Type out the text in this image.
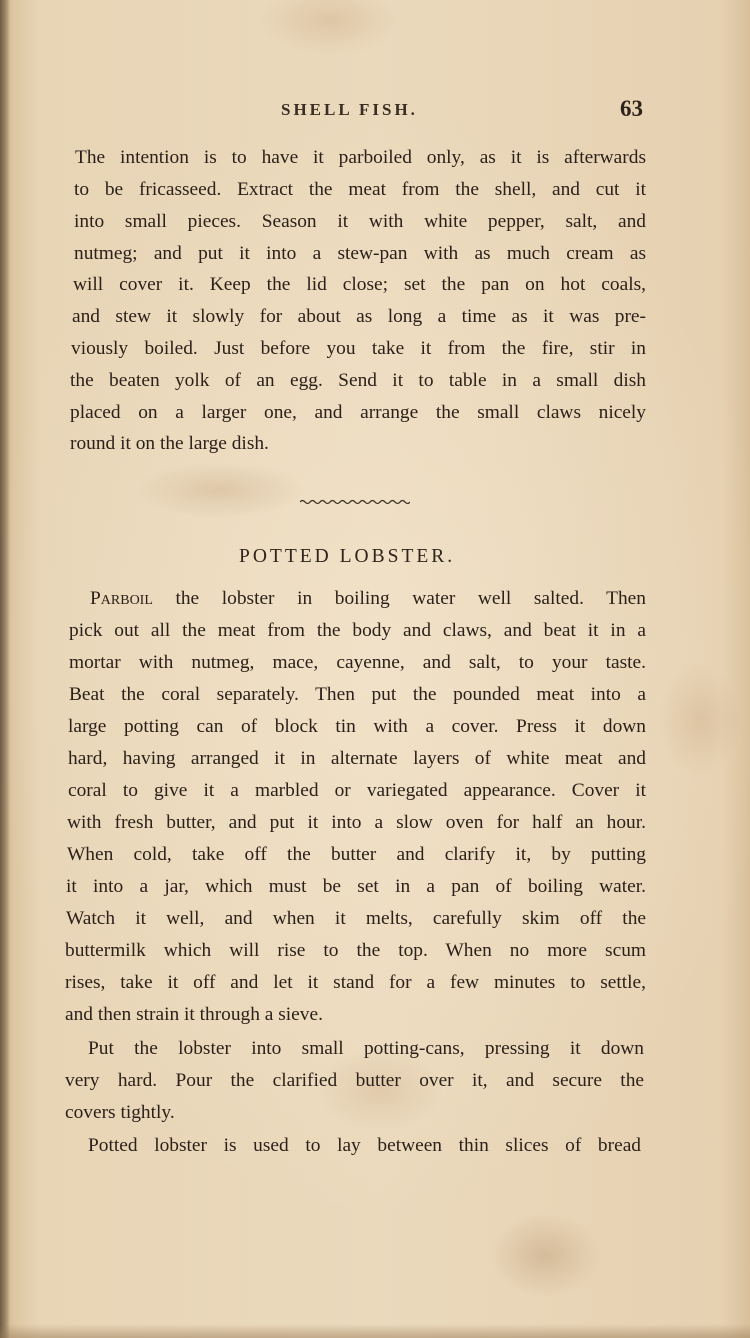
SHELL FISH.	63
The intention is to have it parboiled only, as it is afterwards
to be fricasseed. Extract the meat from the shell, and cut it
into small pieces. Season it with white pepper, salt, and
nutmeg; and put it into a stew-pan with as much cream as
will cover it. Keep the lid close; set the pan on hot coals,
and stew it slowly for about as long a time as it was pre-
viously boiled. Just before you take it from the fire, stir in
the beaten yolk of an egg. Send it to table in a small dish
placed on a larger one, and arrange the small claws nicely
round it on the large dish.
POTTED LOBSTER.
Parboil the lobster in boiling water well salted. Then
pick out all the meat from the body and claws, and beat it in a
mortar with nutmeg, mace, cayenne, and salt, to your taste.
Beat the coral separately. Then put the pounded meat into a
large potting can of block tin with a cover. Press it down
hard, having arranged it in alternate layers of white meat and
coral to give it a marbled or variegated appearance. Cover it
with fresh butter, and put it into a slow oven for half an hour.
When cold, take off the butter and clarify it, by putting
it into a jar, which must be set in a pan of boiling water.
Watch it well, and when it melts, carefully skim off the
buttermilk which will rise to the top. When no more scum
rises, take it off and let it stand for a few minutes to settle,
and then strain it through a sieve.
Put the lobster into small potting-cans, pressing it down
very hard. Pour the clarified butter over it, and secure the
covers tightly.
Potted lobster is used to lay between thin slices of bread
